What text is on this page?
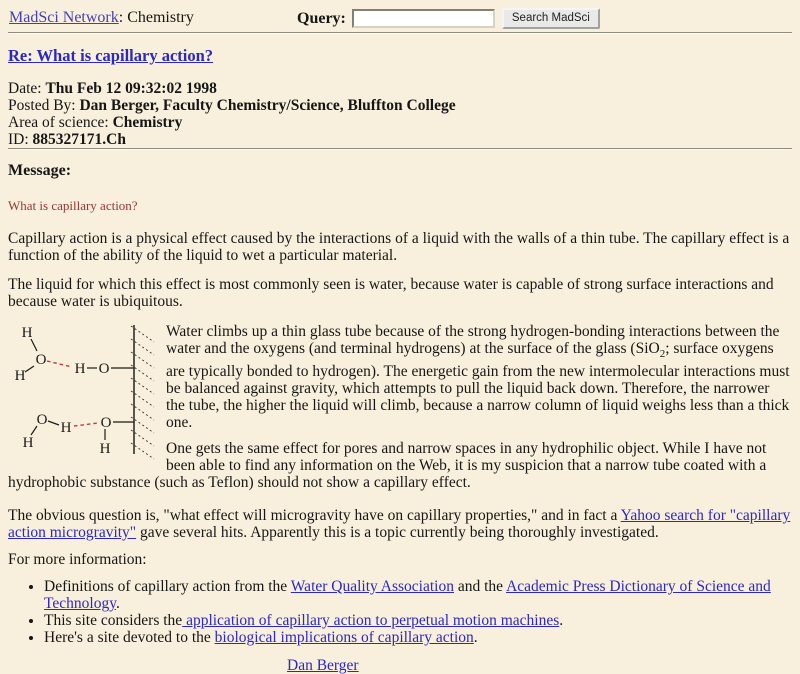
MadSci Network: Chemistry	Query:	Search MadSci
Re: What is capillary action?
Date: Thu Feb 12 09:32:02 1998
Posted By: Dan Berger, Faculty Chemistry/Science, Bluffton College
Area of science: Chemistry
ID: 885327171.Ch
Message:
What is capillary action?

Capillary action is a physical effect caused by the interactions of a liquid with the walls of a thin tube. The capillary effect is a function of the ability of the liquid to wet a particular material.

The liquid for which this effect is most commonly seen is water, because water is capable of strong surface interactions and because water is ubiquitous.

H
O
H	H O
O H
H
O
H

Water climbs up a thin glass tube because of the strong hydrogen-bonding interactions between the water and the oxygens (and terminal hydrogens) at the surface of the glass (SiO$_2$; surface oxygens are typically bonded to hydrogen). The energetic gain from the new intermolecular interactions must be balanced against gravity, which attempts to pull the liquid back down. Therefore, the narrower the tube, the higher the liquid will climb, because a narrow column of liquid weighs less than a thick one.

One gets the same effect for pores and narrow spaces in any hydrophilic object. While I have not been able to find any information on the Web, it is my suspicion that a narrow tube coated with a hydrophobic substance (such as Teflon) should not show a capillary effect.

The obvious question is, "what effect will microgravity have on capillary properties," and in fact a Yahoo search for "capillary action microgravity" gave several hits. Apparently this is a topic currently being thoroughly investigated.

For more information:
• Definitions of capillary action from the Water Quality Association and the Academic Press Dictionary of Science and Technology.
• This site considers the application of capillary action to perpetual motion machines.
• Here's a site devoted to the biological implications of capillary action.
Dan Berger
